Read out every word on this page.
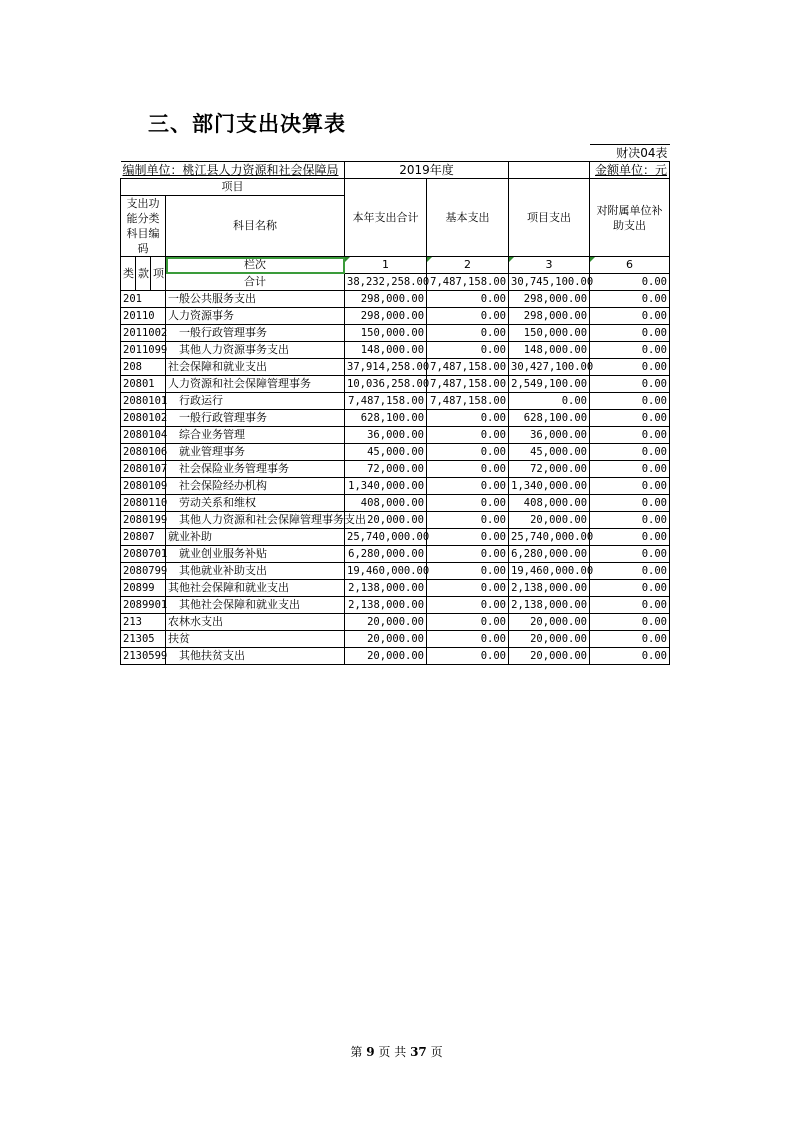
三、部门支出决算表
							财决04表
编制单位：桃江县人力资源和社会保障局				2019年度			金额单位：元
项目				本年支出合计	基本支出	项目支出	对附属单位补助支出
支出功能分类科目编码			科目名称				

类	款	项	栏次	1	2	3	6
			合计	38,232,258.00	7,487,158.00	30,745,100.00	0.00
201			一般公共服务支出	298,000.00	0.00	298,000.00	0.00
20110			人力资源事务	298,000.00	0.00	298,000.00	0.00
2011002			　一般行政管理事务	150,000.00	0.00	150,000.00	0.00
2011099			　其他人力资源事务支出	148,000.00	0.00	148,000.00	0.00
208			社会保障和就业支出	37,914,258.00	7,487,158.00	30,427,100.00	0.00
20801			人力资源和社会保障管理事务	10,036,258.00	7,487,158.00	2,549,100.00	0.00
2080101			　行政运行	7,487,158.00	7,487,158.00	0.00	0.00
2080102			　一般行政管理事务	628,100.00	0.00	628,100.00	0.00
2080104			　综合业务管理	36,000.00	0.00	36,000.00	0.00
2080106			　就业管理事务	45,000.00	0.00	45,000.00	0.00
2080107			　社会保险业务管理事务	72,000.00	0.00	72,000.00	0.00
2080109			　社会保险经办机构	1,340,000.00	0.00	1,340,000.00	0.00
2080110			　劳动关系和维权	408,000.00	0.00	408,000.00	0.00
2080199			　其他人力资源和社会保障管理事务支出	20,000.00	0.00	20,000.00	0.00
20807			就业补助	25,740,000.00	0.00	25,740,000.00	0.00
2080701			　就业创业服务补贴	6,280,000.00	0.00	6,280,000.00	0.00
2080799			　其他就业补助支出	19,460,000.00	0.00	19,460,000.00	0.00
20899			其他社会保障和就业支出	2,138,000.00	0.00	2,138,000.00	0.00
2089901			　其他社会保障和就业支出	2,138,000.00	0.00	2,138,000.00	0.00
213			农林水支出	20,000.00	0.00	20,000.00	0.00
21305			扶贫	20,000.00	0.00	20,000.00	0.00
2130599			　其他扶贫支出	20,000.00	0.00	20,000.00	0.00
第 9 页 共 37 页
